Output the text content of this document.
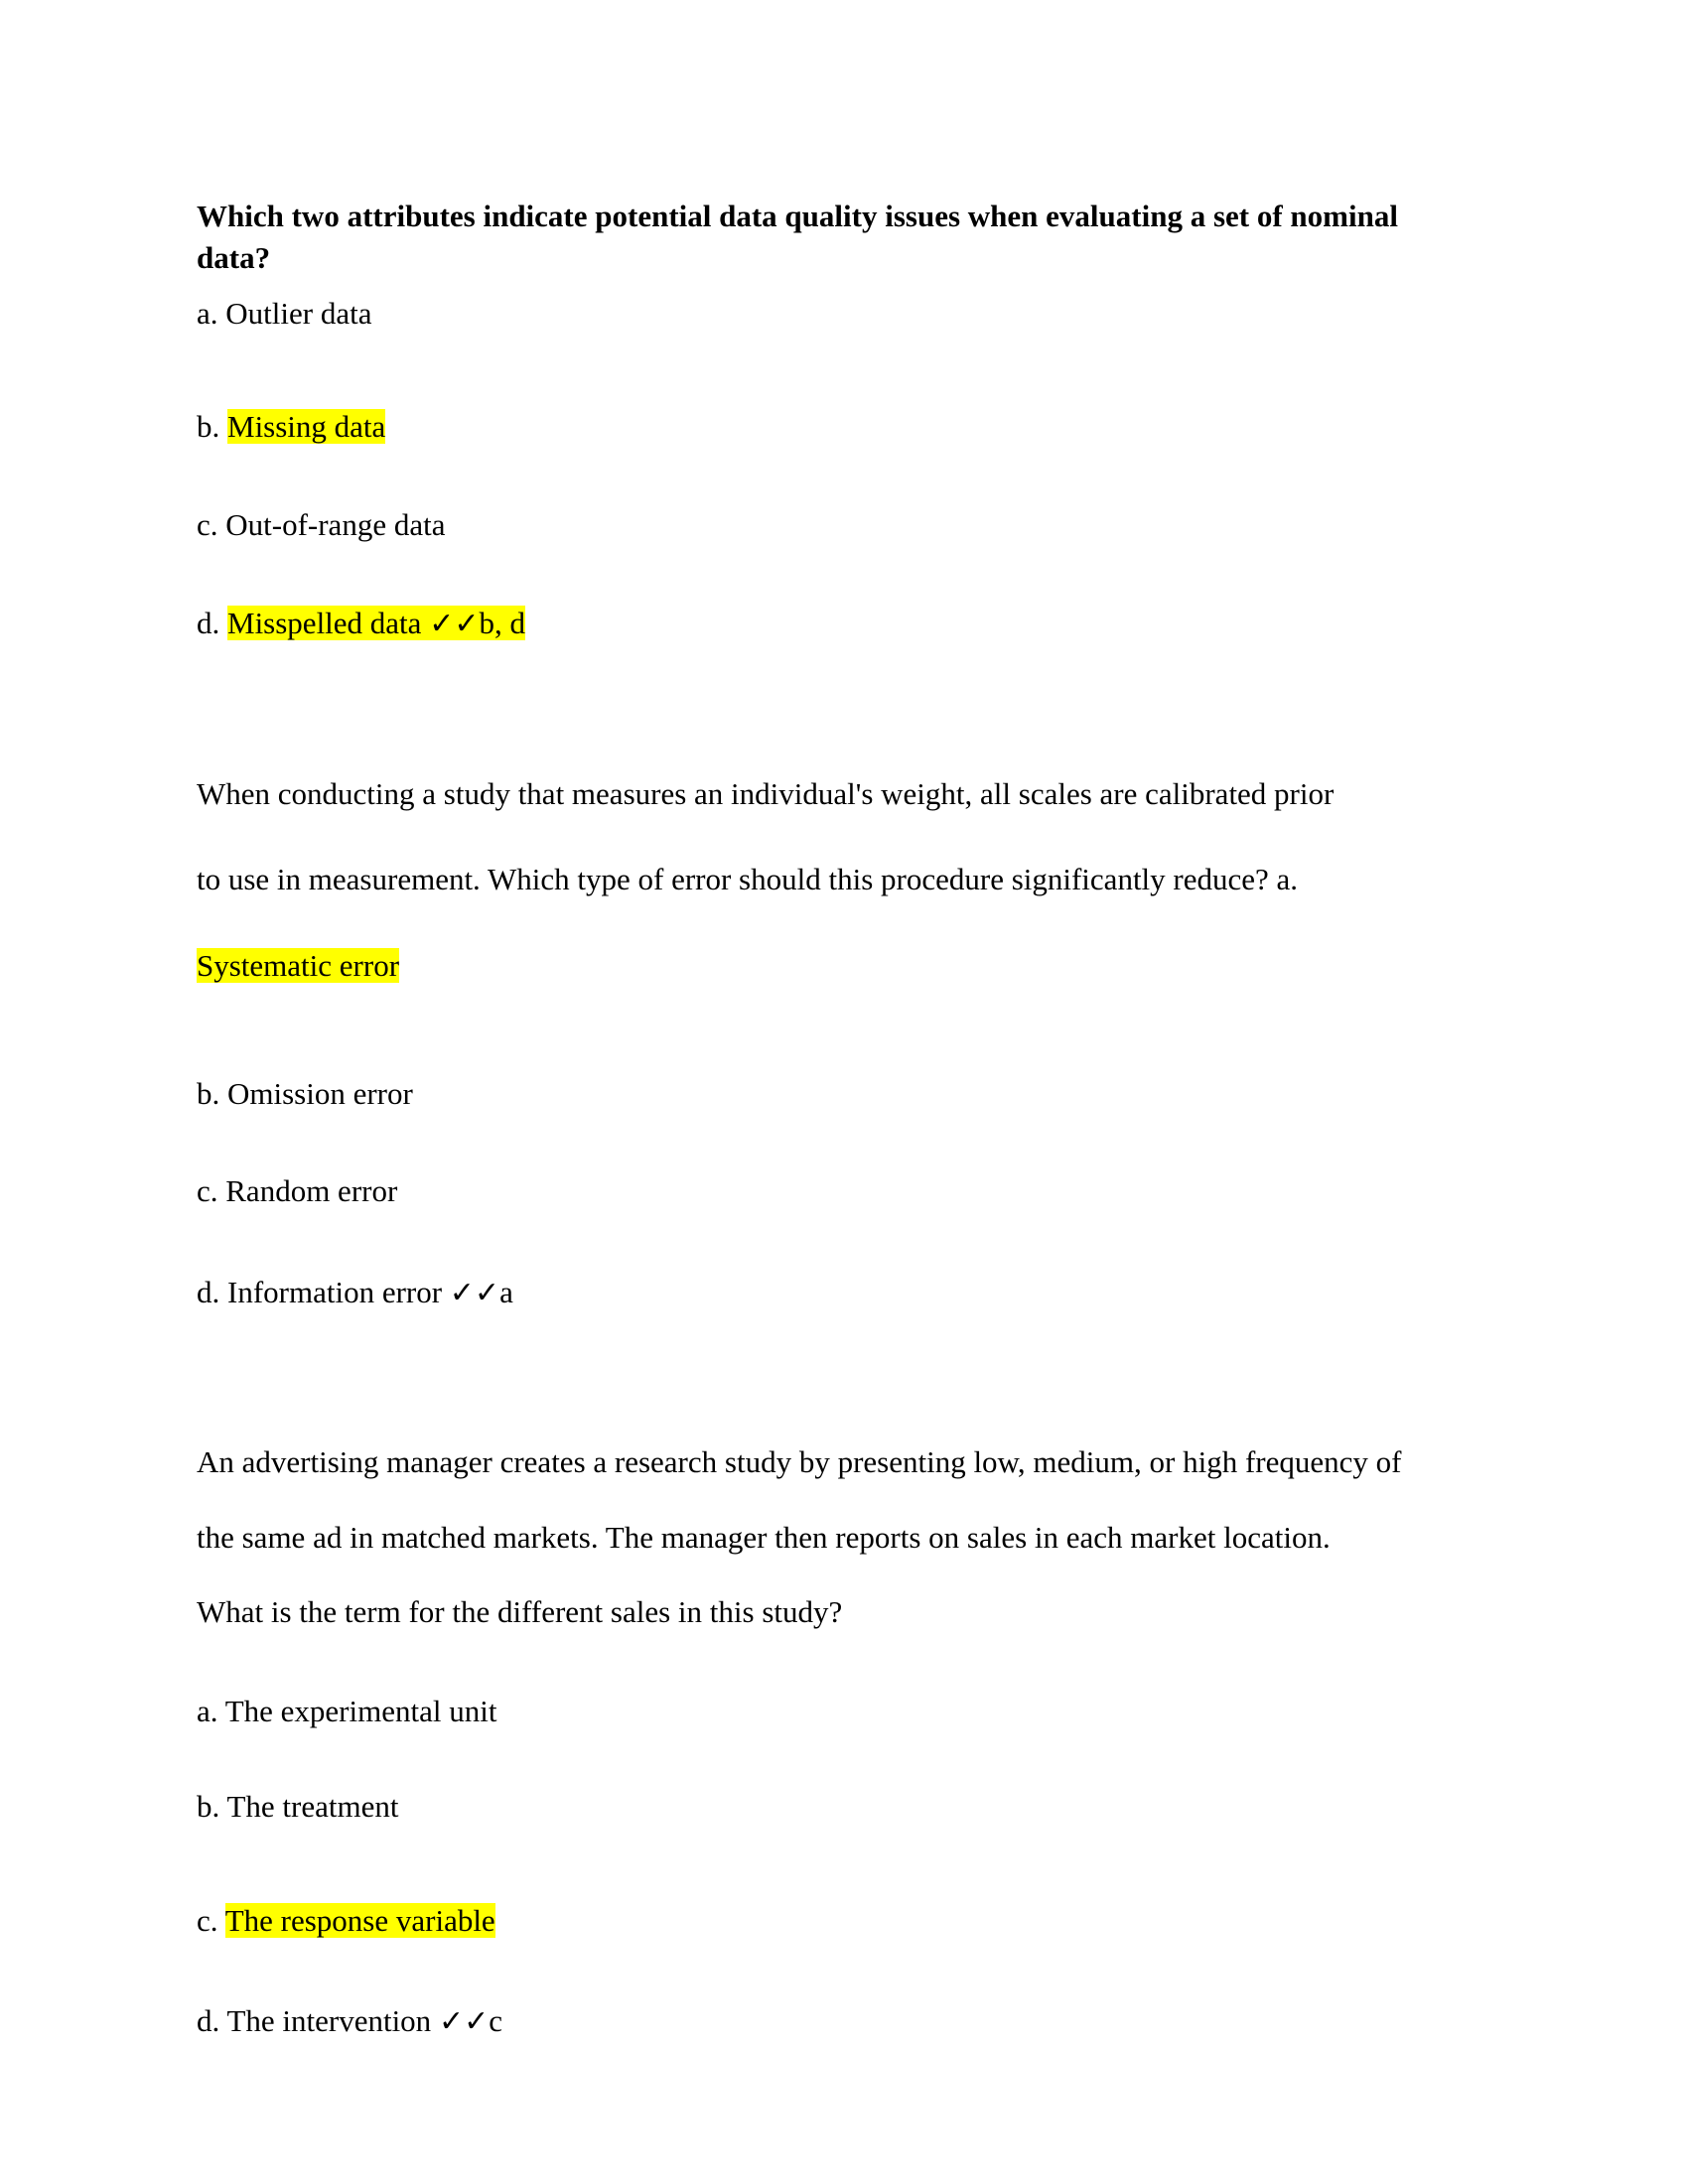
Which two attributes indicate potential data quality issues when evaluating a set of nominal
data?
a. Outlier data
b. Missing data
c. Out-of-range data
d. Misspelled data ✓✓b, d
When conducting a study that measures an individual's weight, all scales are calibrated prior
to use in measurement. Which type of error should this procedure significantly reduce? a.
Systematic error
b. Omission error
c. Random error
d. Information error ✓✓a
An advertising manager creates a research study by presenting low, medium, or high frequency of
the same ad in matched markets. The manager then reports on sales in each market location.
What is the term for the different sales in this study?
a. The experimental unit
b. The treatment
c. The response variable
d. The intervention ✓✓c
